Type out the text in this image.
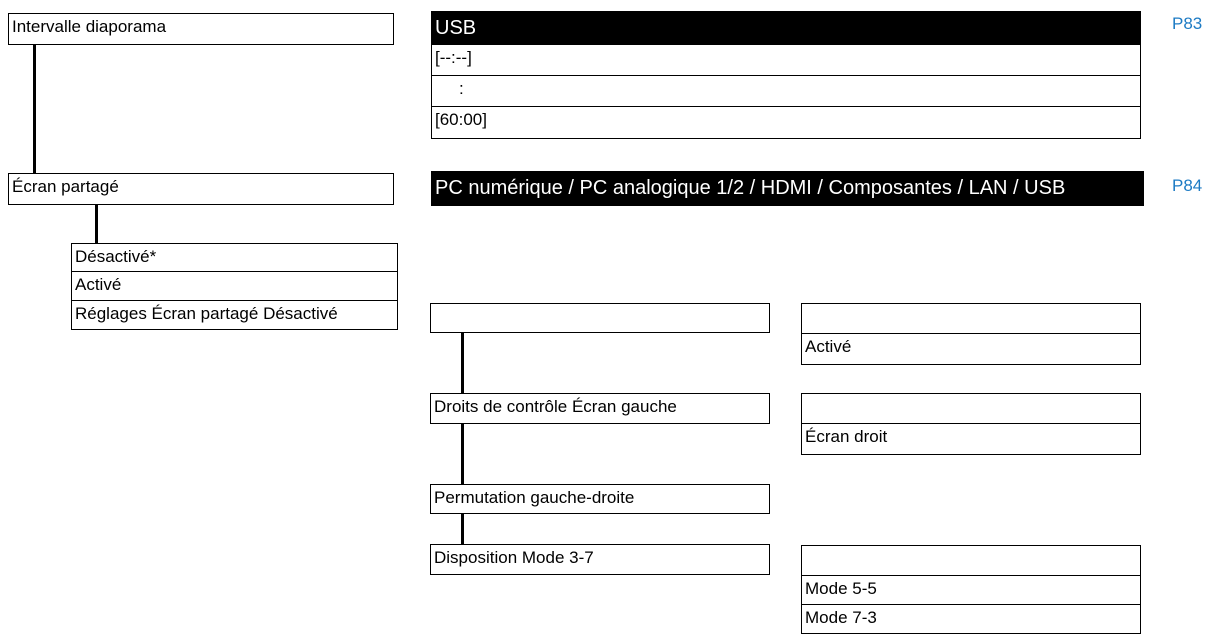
Intervalle diaporama	USB
[--:--]
:
[60:00]
P83
Écran partagé	PC numérique / PC analogique 1/2 / HDMI / Composantes / LAN / USB	P84
Désactivé*
Activé
Réglages Écran partagé Désactivé
Activé
Droits de contrôle Écran gauche
Écran droit
Permutation gauche-droite
Disposition Mode 3-7
Mode 5-5
Mode 7-3
